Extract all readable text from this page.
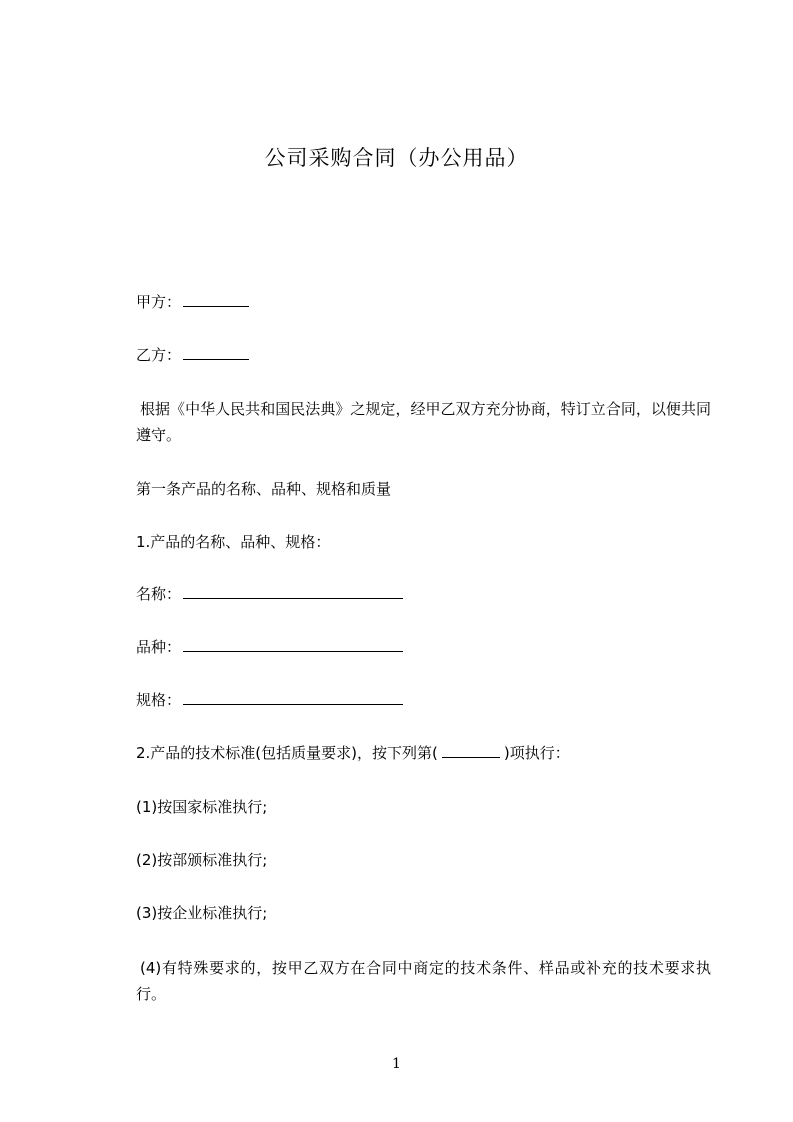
公司采购合同（办公用品）

甲方：

乙方：

根据《中华人民共和国民法典》之规定，经甲乙双方充分协商，特订立合同，以便共同遵守。

第一条产品的名称、品种、规格和质量

1.产品的名称、品种、规格：

名称：

品种：

规格：

2.产品的技术标准(包括质量要求)，按下列第(	)项执行：

(1)按国家标准执行;

(2)按部颁标准执行;

(3)按企业标准执行;

(4)有特殊要求的，按甲乙双方在合同中商定的技术条件、样品或补充的技术要求执行。

1
